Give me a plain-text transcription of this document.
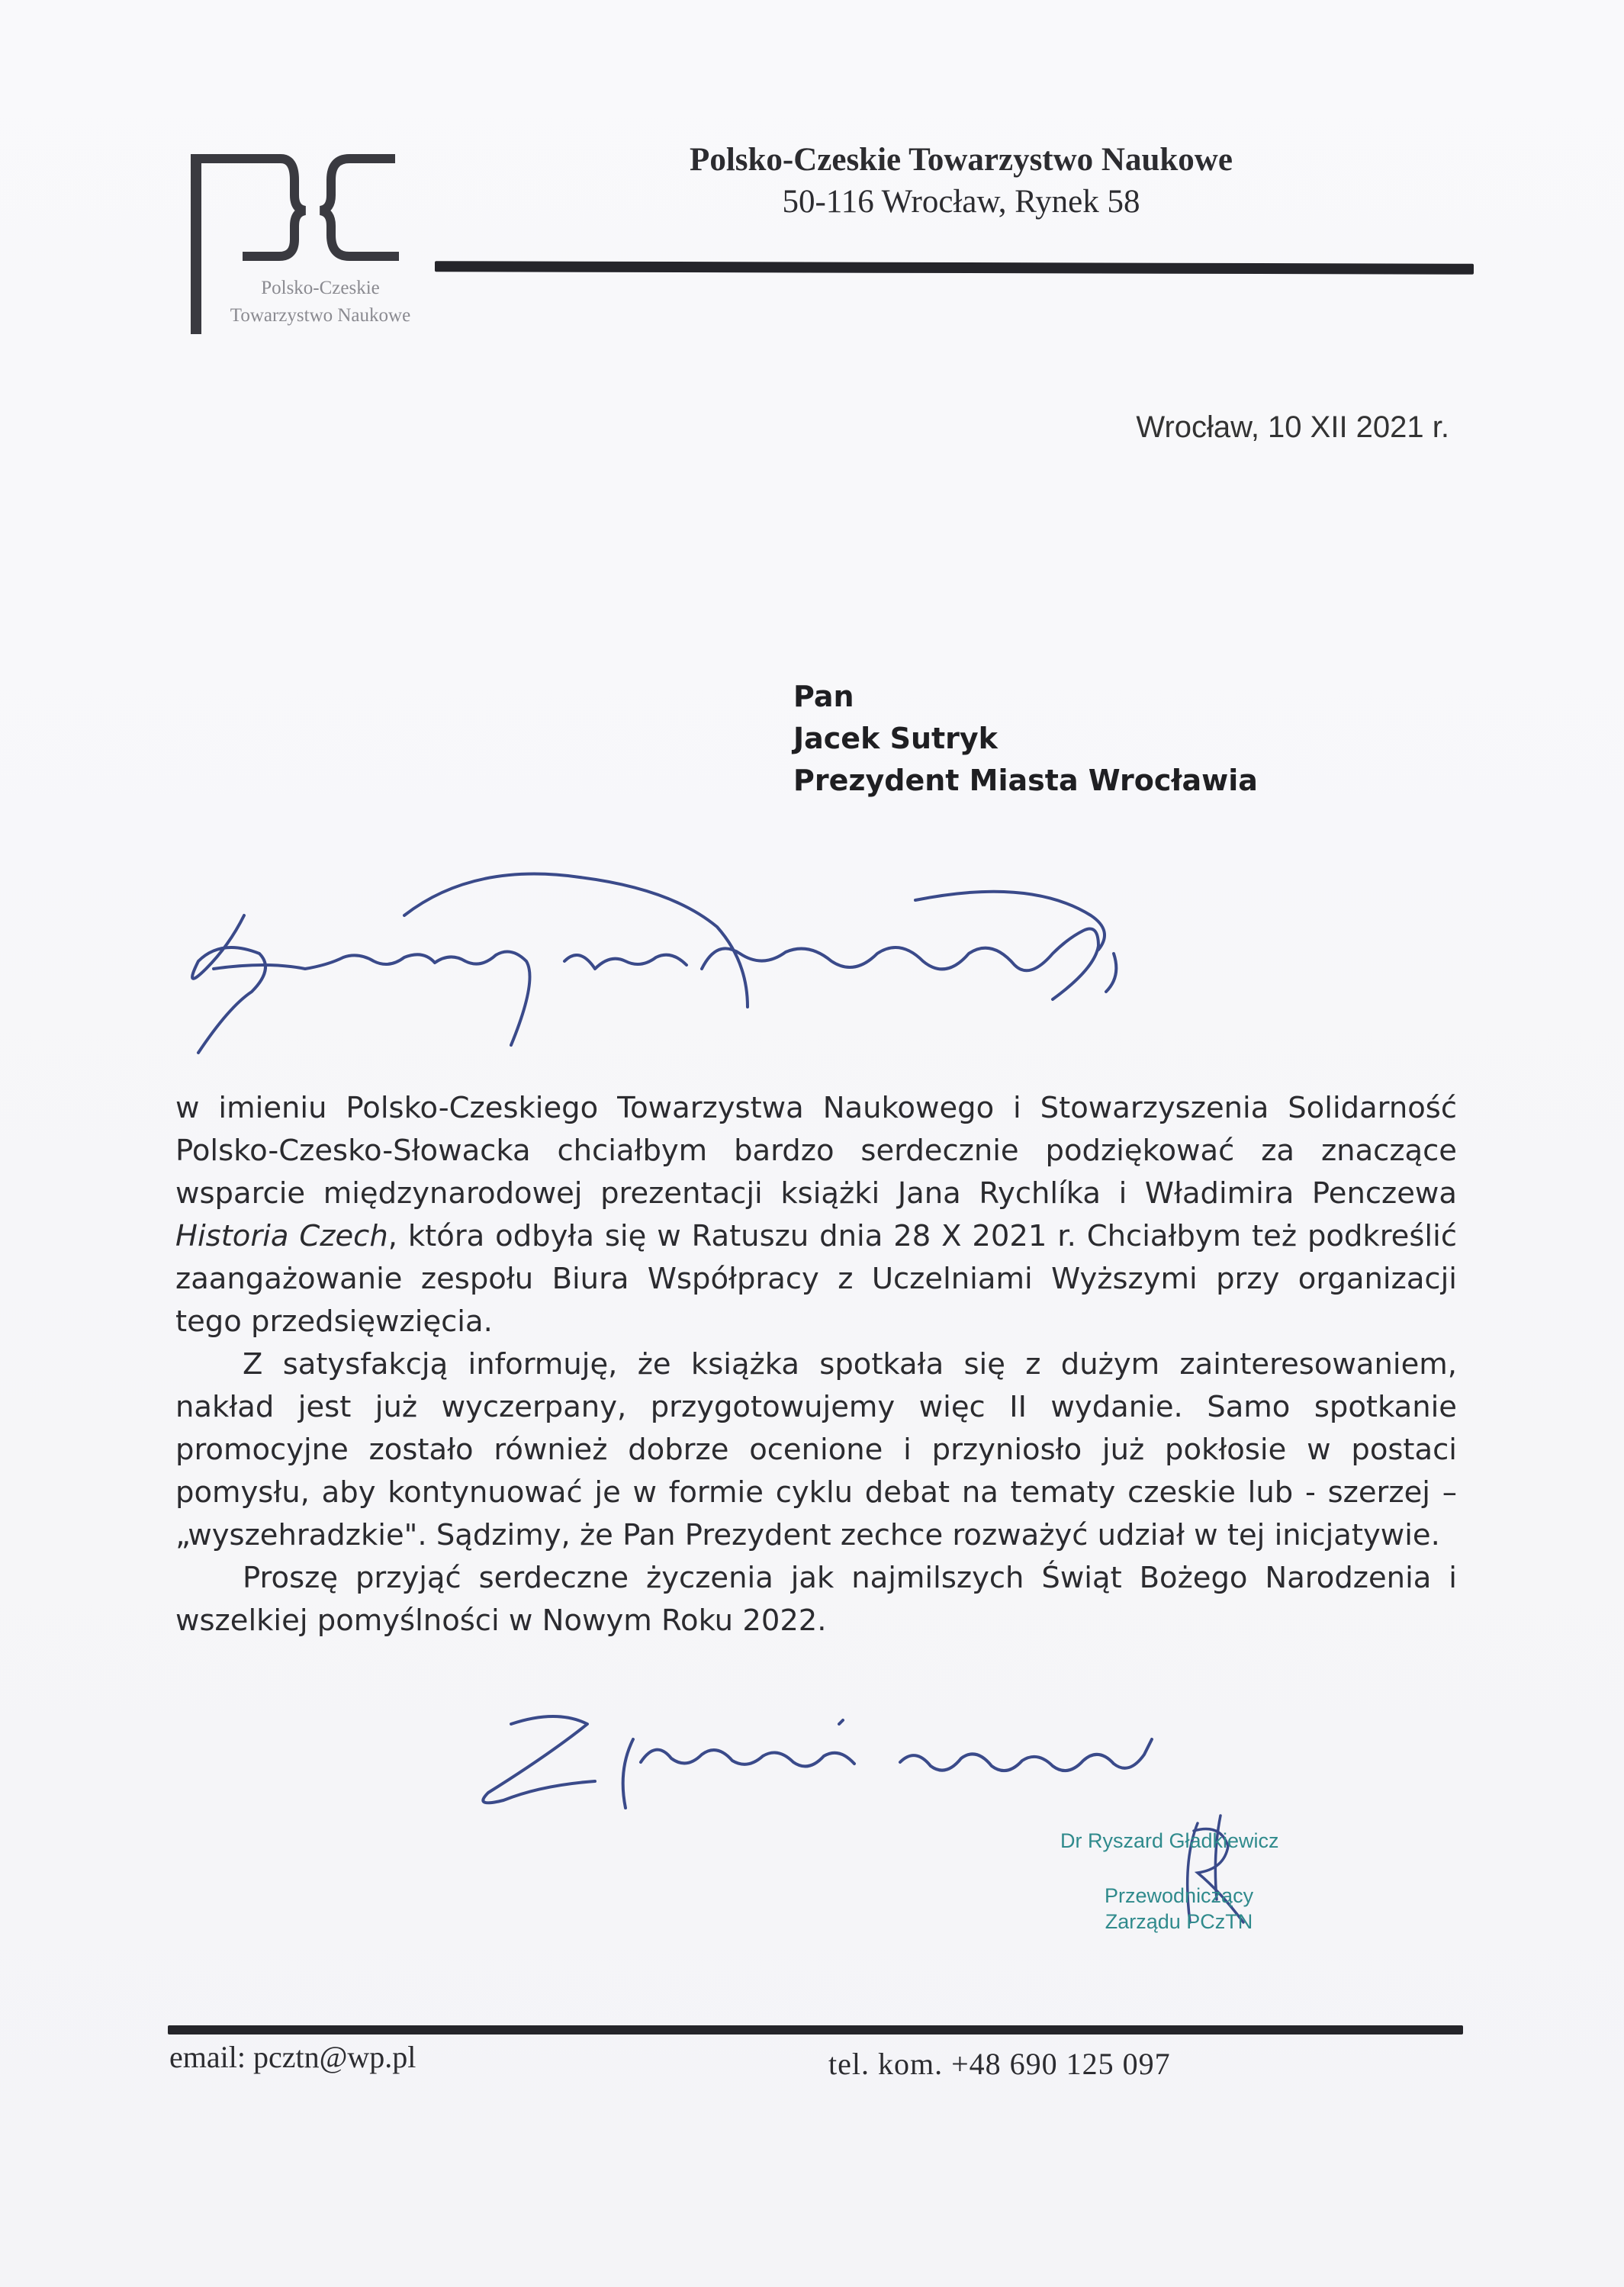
Polsko-Czeskie
Towarzystwo Naukowe
Polsko-Czeskie Towarzystwo Naukowe
50-116 Wrocław, Rynek 58
Wrocław, 10 XII 2021 r.
Pan
Jacek Sutryk
Prezydent Miasta Wrocławia

w imieniu Polsko-Czeskiego Towarzystwa Naukowego i Stowarzyszenia Solidarność Polsko-Czesko-Słowacka chciałbym bardzo serdecznie podziękować za znaczące wsparcie międzynarodowej prezentacji książki Jana Rychlíka i Władimira Penczewa Historia Czech, która odbyła się w Ratuszu dnia 28 X 2021 r. Chciałbym też podkreślić zaangażowanie zespołu Biura Współpracy z Uczelniami Wyższymi przy organizacji tego przedsięwzięcia.

Z satysfakcją informuję, że książka spotkała się z dużym zainteresowaniem, nakład jest już wyczerpany, przygotowujemy więc II wydanie. Samo spotkanie promocyjne zostało również dobrze ocenione i przyniosło już pokłosie w postaci pomysłu, aby kontynuować je w formie cyklu debat na tematy czeskie lub - szerzej – „wyszehradzkie". Sądzimy, że Pan Prezydent zechce rozważyć udział w tej inicjatywie.

Proszę przyjąć serdeczne życzenia jak najmilszych Świąt Bożego Narodzenia i wszelkiej pomyślności w Nowym Roku 2022.

Dr Ryszard Gładkiewicz
Przewodniczący
Zarządu PCzTN
email: pcztn@wp.pl	tel. kom. +48 690 125 097
